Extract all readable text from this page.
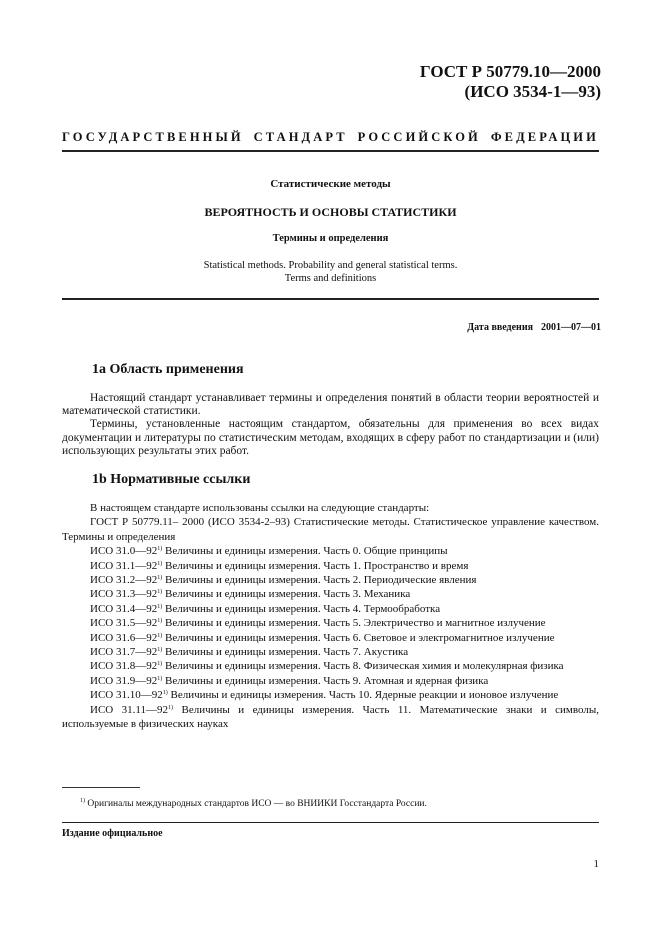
ГОСТ Р 50779.10—2000
(ИСО 3534-1—93)
ГОСУДАРСТВЕННЫЙ СТАНДАРТ РОССИЙСКОЙ ФЕДЕРАЦИИ
Статистические методы
ВЕРОЯТНОСТЬ И ОСНОВЫ СТАТИСТИКИ
Термины и определения
Statistical methods. Probability and general statistical terms.
Terms and definitions
Дата введения 2001—07—01
1a Область применения

Настоящий стандарт устанавливает термины и определения понятий в области теории вероятностей и математической статистики.

Термины, установленные настоящим стандартом, обязательны для применения во всех видах документации и литературы по статистическим методам, входящих в сферу работ по стандартизации и (или) использующих результаты этих работ.

1b Нормативные ссылки

В настоящем стандарте использованы ссылки на следующие стандарты:

ГОСТ Р 50779.11– 2000 (ИСО 3534-2–93) Статистические методы. Статистическое управление качеством. Термины и определения

ИСО 31.0—92$^{1)}$ Величины и единицы измерения. Часть 0. Общие принципы

ИСО 31.1—92$^{1)}$ Величины и единицы измерения. Часть 1. Пространство и время

ИСО 31.2—92$^{1)}$ Величины и единицы измерения. Часть 2. Периодические явления

ИСО 31.3—92$^{1)}$ Величины и единицы измерения. Часть 3. Механика

ИСО 31.4—92$^{1)}$ Величины и единицы измерения. Часть 4. Термообработка

ИСО 31.5—92$^{1)}$ Величины и единицы измерения. Часть 5. Электричество и магнитное излучение

ИСО 31.6—92$^{1)}$ Величины и единицы измерения. Часть 6. Световое и электромагнитное излучение

ИСО 31.7—92$^{1)}$ Величины и единицы измерения. Часть 7. Акустика

ИСО 31.8—92$^{1)}$ Величины и единицы измерения. Часть 8. Физическая химия и молекулярная физика

ИСО 31.9—92$^{1)}$ Величины и единицы измерения. Часть 9. Атомная и ядерная физика

ИСО 31.10—92$^{1)}$ Величины и единицы измерения. Часть 10. Ядерные реакции и ионовое излучение

ИСО 31.11—92$^{1)}$ Величины и единицы измерения. Часть 11. Математические знаки и символы, используемые в физических науках

$^{1)}$ Оригиналы международных стандартов ИСО — во ВНИИКИ Госстандарта России.
Издание официальное
1
